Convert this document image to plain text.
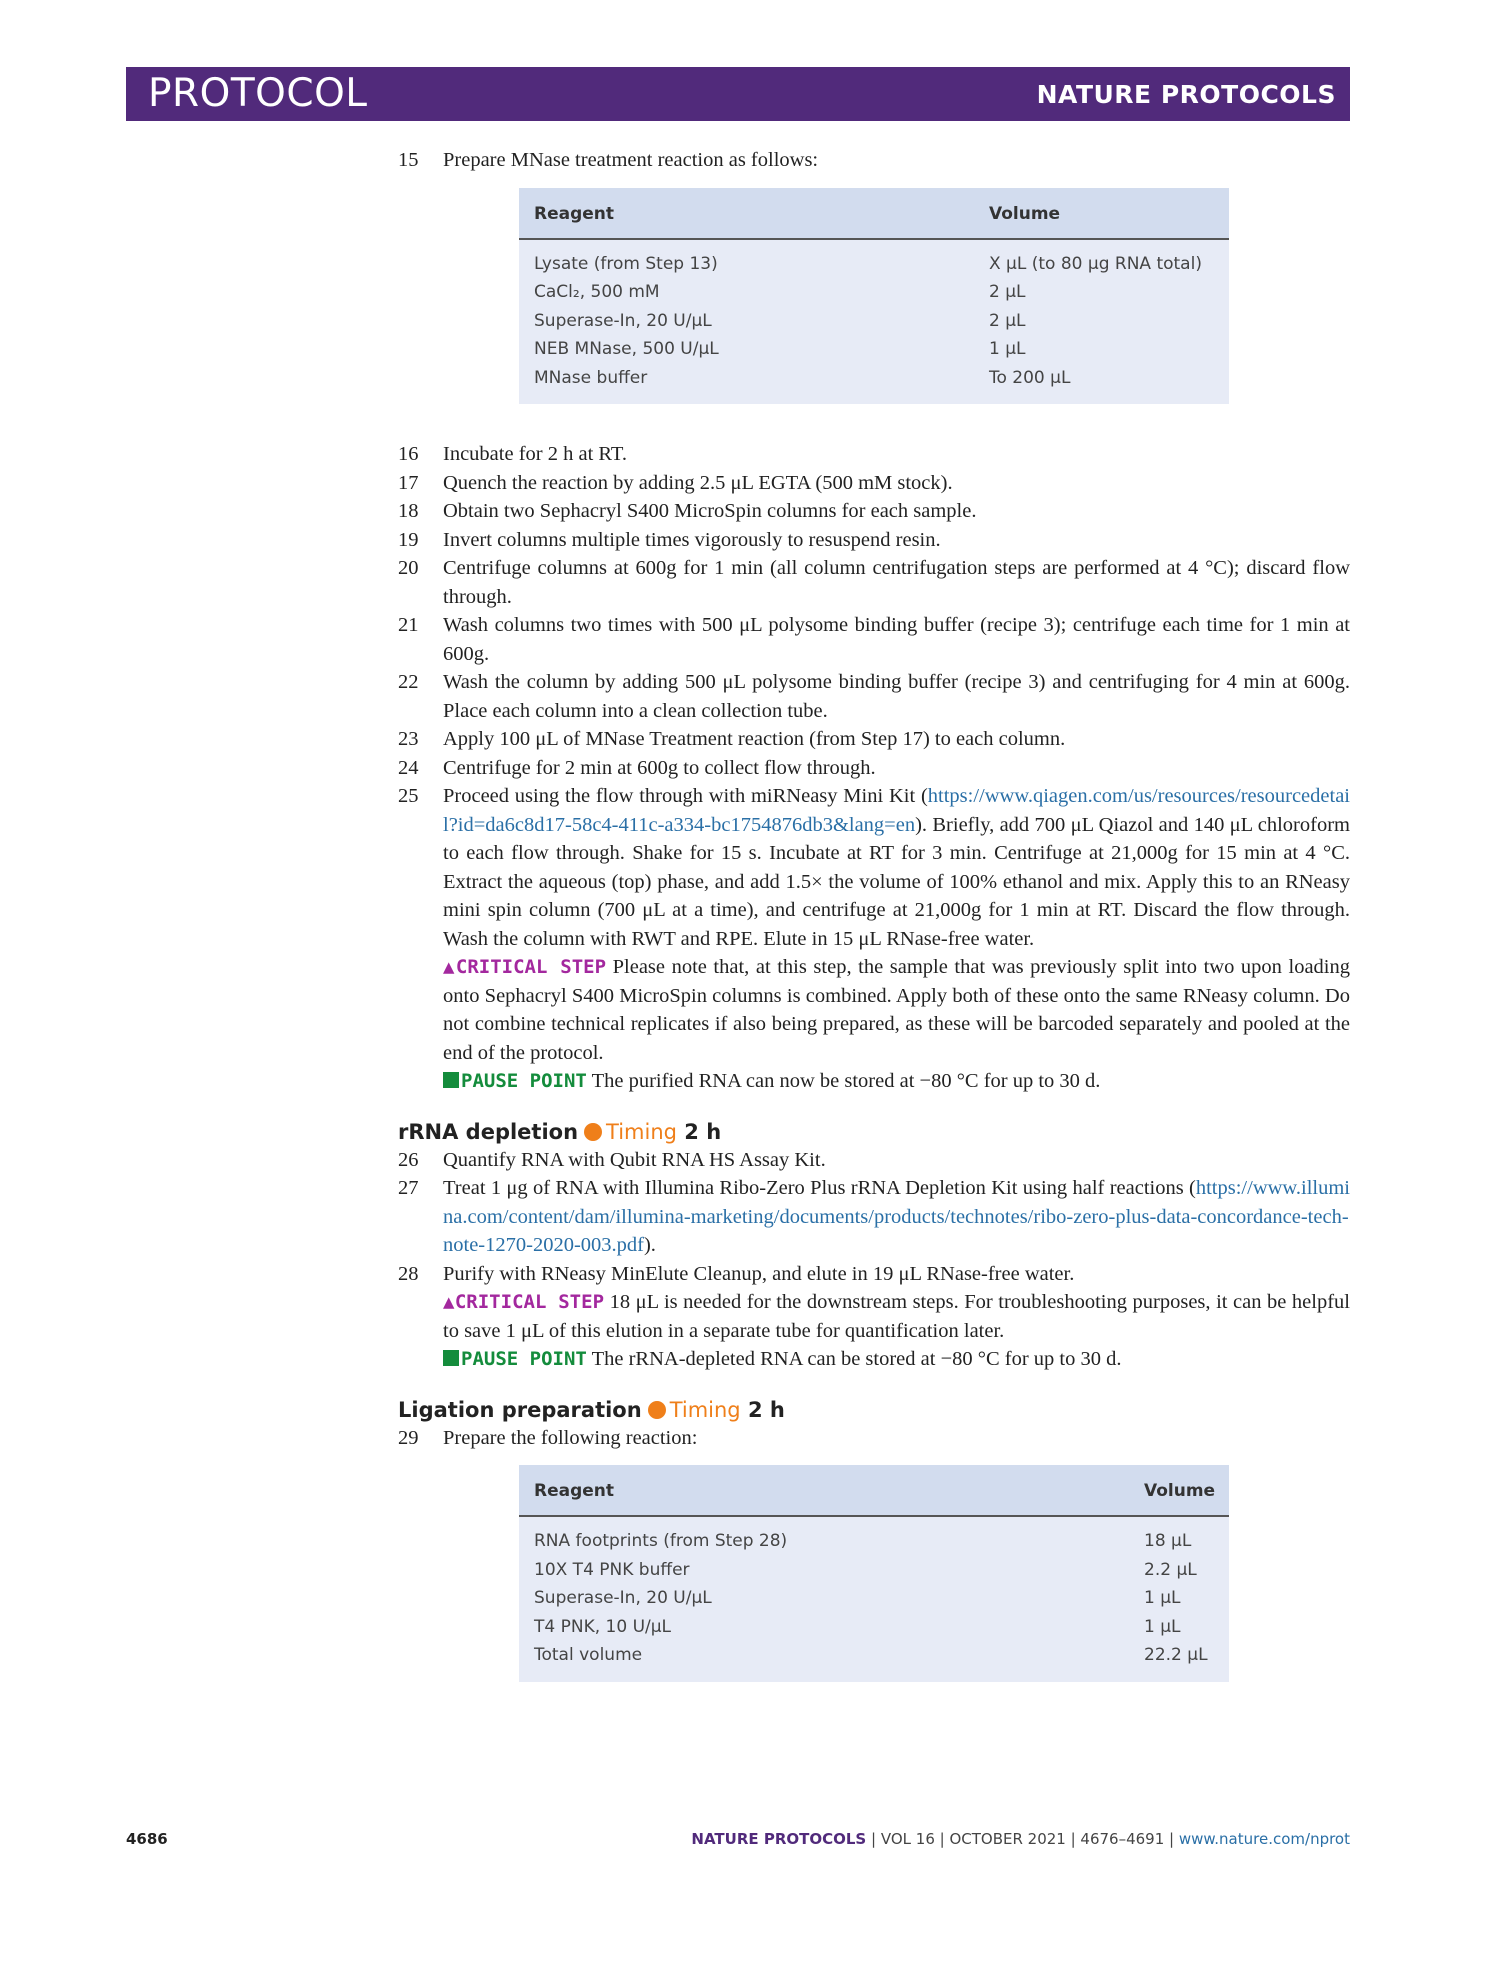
PROTOCOL	NATURE PROTOCOLS
15	Prepare MNase treatment reaction as follows:
Reagent	Volume
Lysate (from Step 13)	X μL (to 80 μg RNA total)
CaCl₂, 500 mM	2 μL
Superase-In, 20 U/μL	2 μL
NEB MNase, 500 U/μL	1 μL
MNase buffer	To 200 μL
16	Incubate for 2 h at RT.
17	Quench the reaction by adding 2.5 μL EGTA (500 mM stock).
18	Obtain two Sephacryl S400 MicroSpin columns for each sample.
19	Invert columns multiple times vigorously to resuspend resin.
20	Centrifuge columns at 600g for 1 min (all column centrifugation steps are performed at 4 °C); discard flow through.
21	Wash columns two times with 500 μL polysome binding buffer (recipe 3); centrifuge each time for 1 min at 600g.
22	Wash the column by adding 500 μL polysome binding buffer (recipe 3) and centrifuging for 4 min at 600g. Place each column into a clean collection tube.
23	Apply 100 μL of MNase Treatment reaction (from Step 17) to each column.
24	Centrifuge for 2 min at 600g to collect flow through.
25	Proceed using the flow through with miRNeasy Mini Kit (https://www.qiagen.com/us/resources/resourcedetail?id=da6c8d17-58c4-411c-a334-bc1754876db3&lang=en). Briefly, add 700 μL Qiazol and 140 μL chloroform to each flow through. Shake for 15 s. Incubate at RT for 3 min. Centrifuge at 21,000g for 15 min at 4 °C. Extract the aqueous (top) phase, and add 1.5× the volume of 100% ethanol and mix. Apply this to an RNeasy mini spin column (700 μL at a time), and centrifuge at 21,000g for 1 min at RT. Discard the flow through. Wash the column with RWT and RPE. Elute in 15 μL RNase-free water.
▲CRITICAL STEP Please note that, at this step, the sample that was previously split into two upon loading onto Sephacryl S400 MicroSpin columns is combined. Apply both of these onto the same RNeasy column. Do not combine technical replicates if also being prepared, as these will be barcoded separately and pooled at the end of the protocol.
PAUSE POINT The purified RNA can now be stored at −80 °C for up to 30 d.
rRNA depletion Timing 2 h
26	Quantify RNA with Qubit RNA HS Assay Kit.
27	Treat 1 μg of RNA with Illumina Ribo-Zero Plus rRNA Depletion Kit using half reactions (https://www.illumina.com/content/dam/illumina-marketing/documents/products/technotes/ribo-zero-plus-data-concordance-tech-note-1270-2020-003.pdf).
28	Purify with RNeasy MinElute Cleanup, and elute in 19 μL RNase-free water.
▲CRITICAL STEP 18 μL is needed for the downstream steps. For troubleshooting purposes, it can be helpful to save 1 μL of this elution in a separate tube for quantification later.
PAUSE POINT The rRNA-depleted RNA can be stored at −80 °C for up to 30 d.
Ligation preparation Timing 2 h
29	Prepare the following reaction:
Reagent	Volume
RNA footprints (from Step 28)	18 μL
10X T4 PNK buffer	2.2 μL
Superase-In, 20 U/μL	1 μL
T4 PNK, 10 U/μL	1 μL
Total volume	22.2 μL
4686	NATURE PROTOCOLS | VOL 16 | OCTOBER 2021 | 4676–4691 | www.nature.com/nprot
